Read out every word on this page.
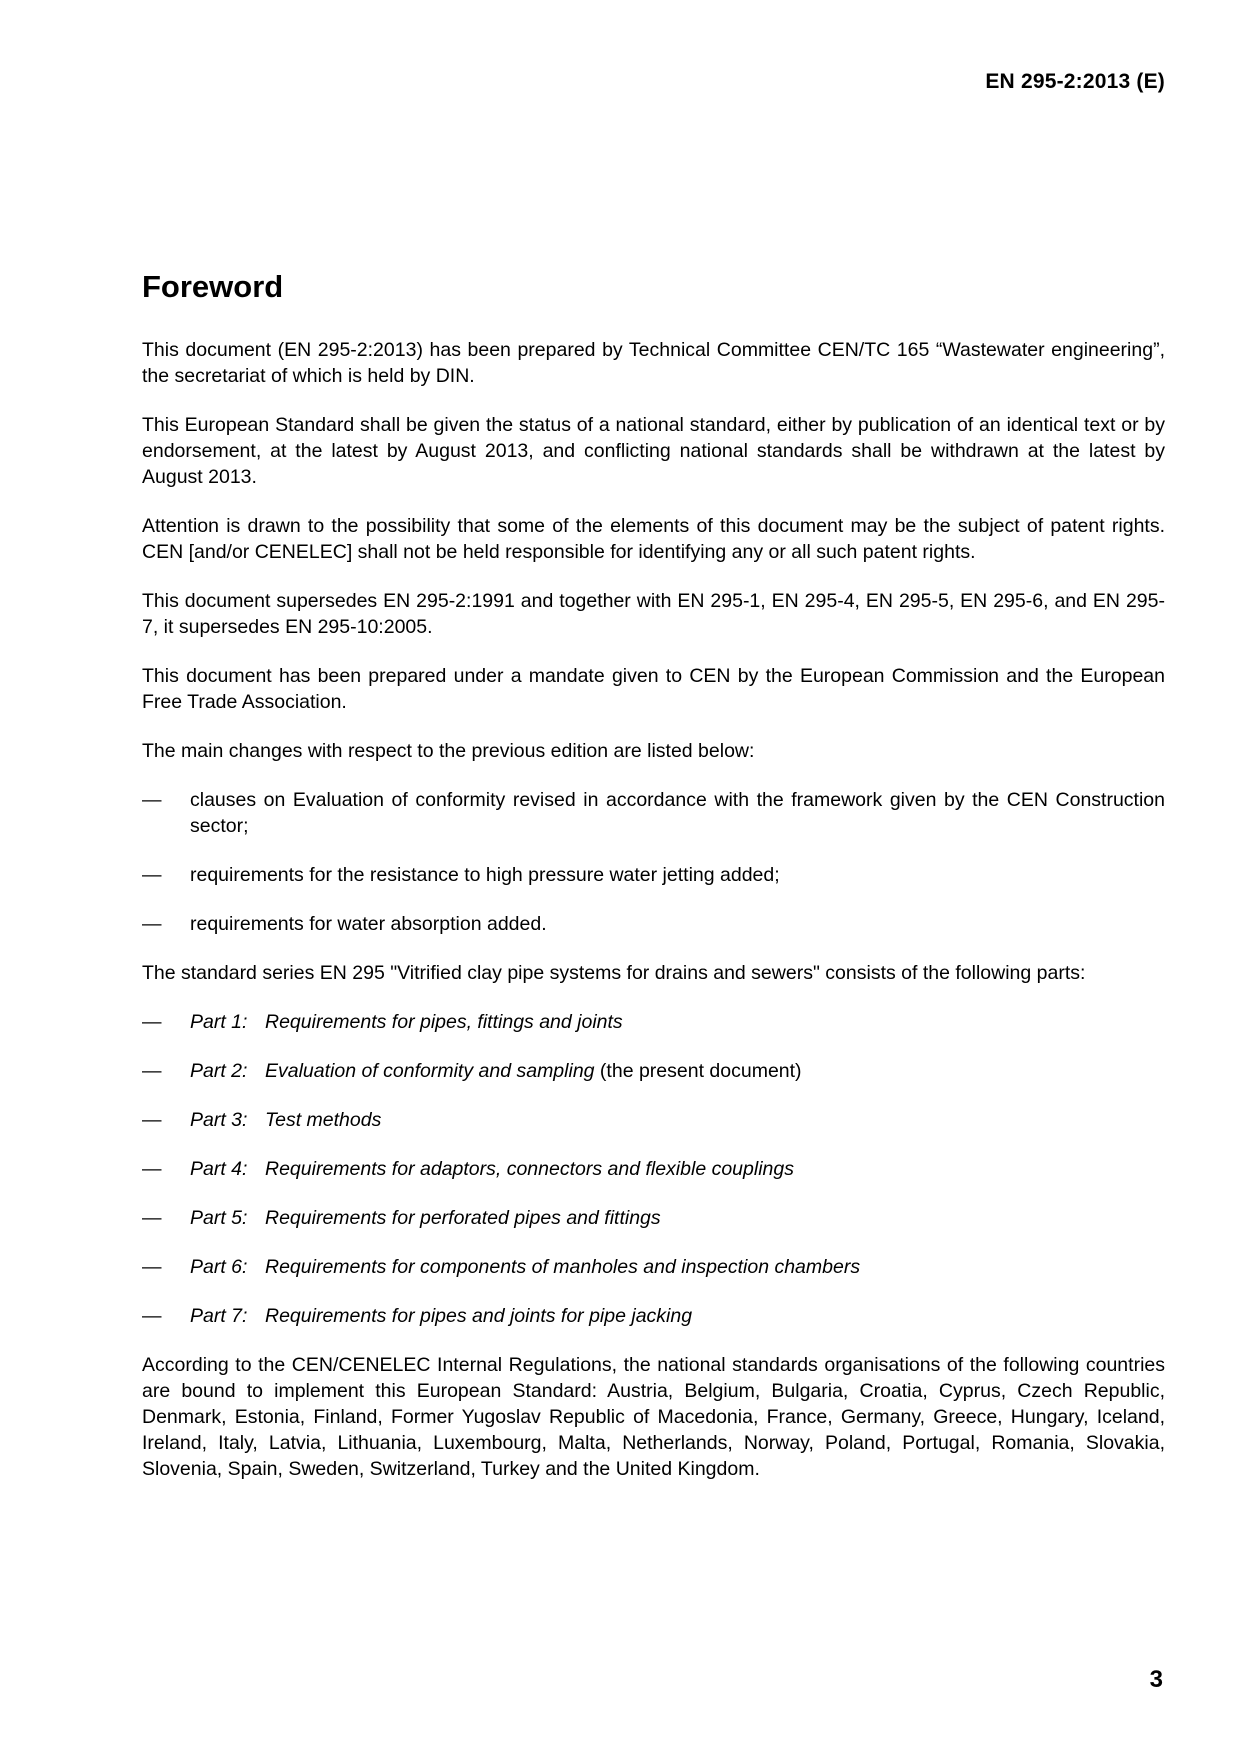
EN 295-2:2013 (E)
Foreword

This document (EN 295-2:2013) has been prepared by Technical Committee CEN/TC 165 “Wastewater engineering”, the secretariat of which is held by DIN.

This European Standard shall be given the status of a national standard, either by publication of an identical text or by endorsement, at the latest by August 2013, and conflicting national standards shall be withdrawn at the latest by August 2013.

Attention is drawn to the possibility that some of the elements of this document may be the subject of patent rights. CEN [and/or CENELEC] shall not be held responsible for identifying any or all such patent rights.

This document supersedes EN 295-2:1991 and together with EN 295-1, EN 295-4, EN 295-5, EN 295-6, and EN 295-7, it supersedes EN 295-10:2005.

This document has been prepared under a mandate given to CEN by the European Commission and the European Free Trade Association.

The main changes with respect to the previous edition are listed below:

—	clauses on Evaluation of conformity revised in accordance with the framework given by the CEN Construction sector;
—	requirements for the resistance to high pressure water jetting added;
—	requirements for water absorption added.

The standard series EN 295 "Vitrified clay pipe systems for drains and sewers" consists of the following parts:

—	Part 1: Requirements for pipes, fittings and joints
—	Part 2: Evaluation of conformity and sampling (the present document)
—	Part 3: Test methods
—	Part 4: Requirements for adaptors, connectors and flexible couplings
—	Part 5: Requirements for perforated pipes and fittings
—	Part 6: Requirements for components of manholes and inspection chambers
—	Part 7: Requirements for pipes and joints for pipe jacking

According to the CEN/CENELEC Internal Regulations, the national standards organisations of the following countries are bound to implement this European Standard: Austria, Belgium, Bulgaria, Croatia, Cyprus, Czech Republic, Denmark, Estonia, Finland, Former Yugoslav Republic of Macedonia, France, Germany, Greece, Hungary, Iceland, Ireland, Italy, Latvia, Lithuania, Luxembourg, Malta, Netherlands, Norway, Poland, Portugal, Romania, Slovakia, Slovenia, Spain, Sweden, Switzerland, Turkey and the United Kingdom.

3
